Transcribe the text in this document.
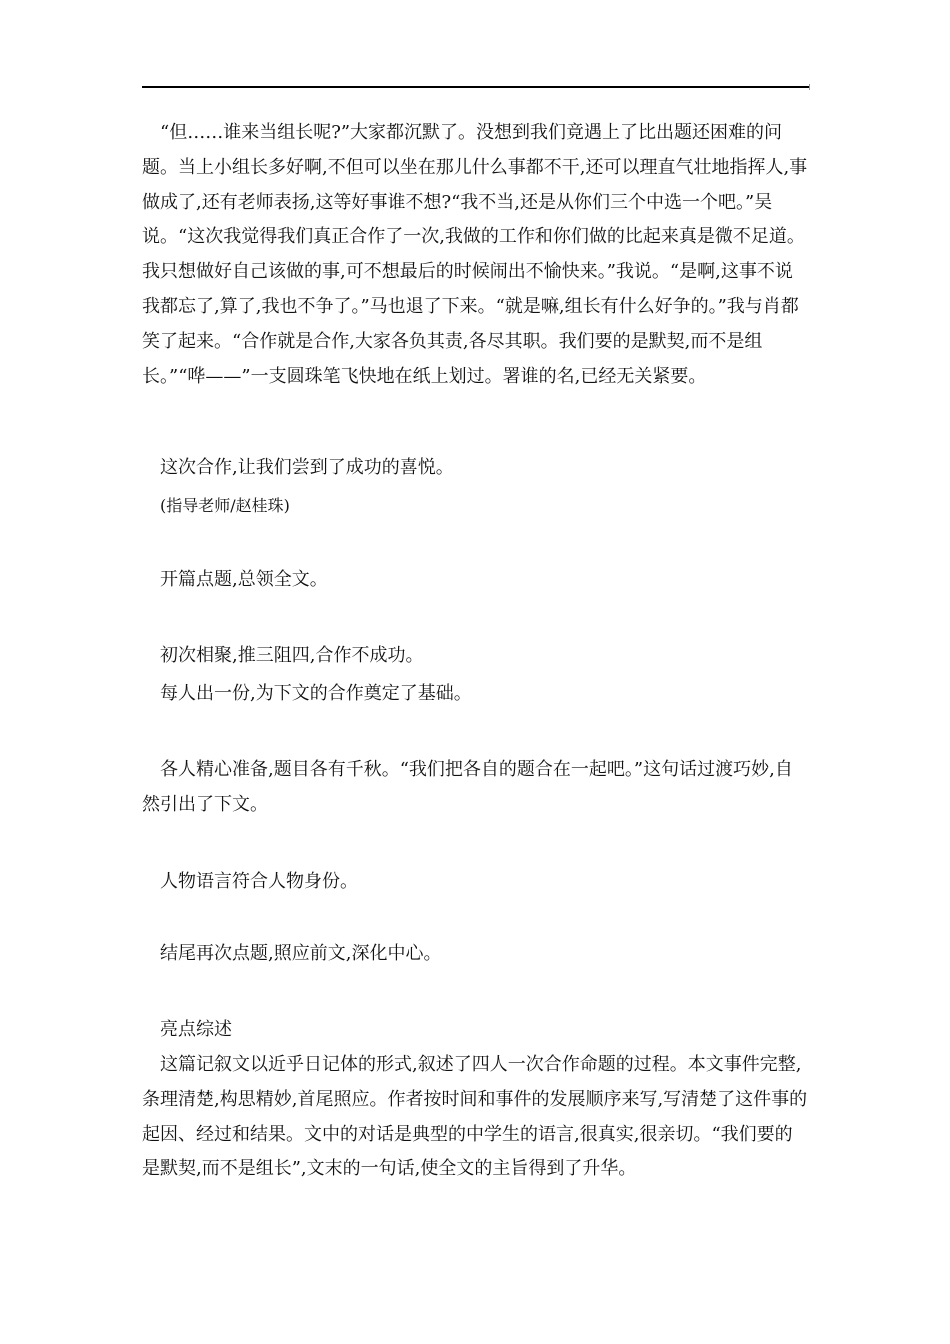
“但……谁来当组长呢?”大家都沉默了。没想到我们竟遇上了比出题还困难的问题。当上小组长多好啊,不但可以坐在那儿什么事都不干,还可以理直气壮地指挥人,事做成了,还有老师表扬,这等好事谁不想?“我不当,还是从你们三个中选一个吧。”吴说。“这次我觉得我们真正合作了一次,我做的工作和你们做的比起来真是微不足道。我只想做好自己该做的事,可不想最后的时候闹出不愉快来。”我说。“是啊,这事不说我都忘了,算了,我也不争了。”马也退了下来。“就是嘛,组长有什么好争的。”我与肖都笑了起来。“合作就是合作,大家各负其责,各尽其职。我们要的是默契,而不是组长。”“哗——”一支圆珠笔飞快地在纸上划过。署谁的名,已经无关紧要。
这次合作,让我们尝到了成功的喜悦。
(指导老师/赵桂珠)
开篇点题,总领全文。
初次相聚,推三阻四,合作不成功。
每人出一份,为下文的合作奠定了基础。
各人精心准备,题目各有千秋。“我们把各自的题合在一起吧。”这句话过渡巧妙,自然引出了下文。
人物语言符合人物身份。
结尾再次点题,照应前文,深化中心。
亮点综述
这篇记叙文以近乎日记体的形式,叙述了四人一次合作命题的过程。本文事件完整,条理清楚,构思精妙,首尾照应。作者按时间和事件的发展顺序来写,写清楚了这件事的起因、经过和结果。文中的对话是典型的中学生的语言,很真实,很亲切。“我们要的是默契,而不是组长”,文末的一句话,使全文的主旨得到了升华。
